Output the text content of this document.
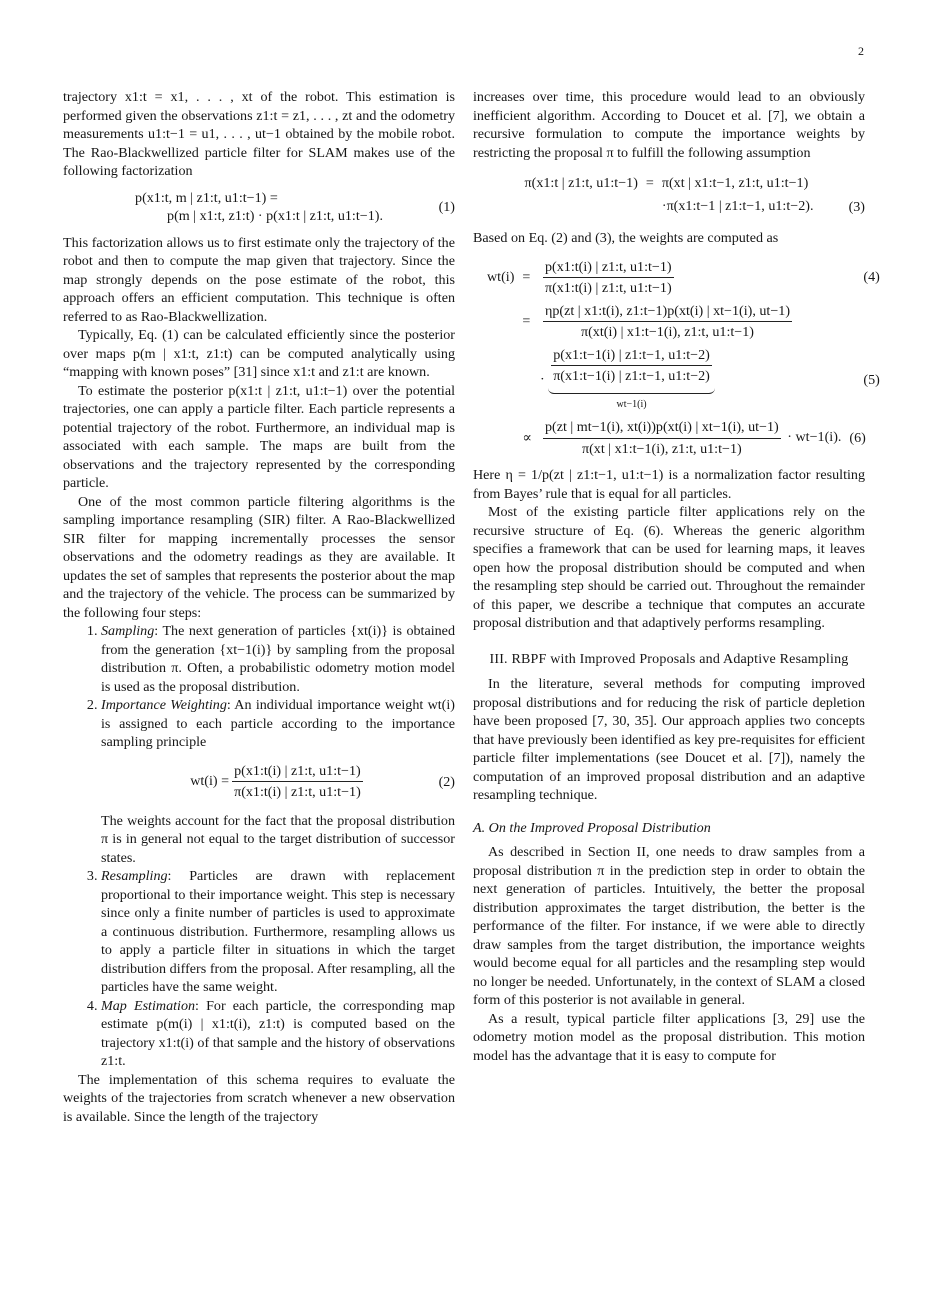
2

trajectory x1:t = x1, . . . , xt of the robot. This estimation is performed given the observations z1:t = z1, . . . , zt and the odometry measurements u1:t−1 = u1, . . . , ut−1 obtained by the mobile robot. The Rao-Blackwellized particle filter for SLAM makes use of the following factorization

p(x1:t, m | z1:t, u1:t−1) =
p(m | x1:t, z1:t) · p(x1:t | z1:t, u1:t−1).
(1)

This factorization allows us to first estimate only the trajectory of the robot and then to compute the map given that trajectory. Since the map strongly depends on the pose estimate of the robot, this approach offers an efficient computation. This technique is often referred to as Rao-Blackwellization.

Typically, Eq. (1) can be calculated efficiently since the posterior over maps p(m | x1:t, z1:t) can be computed analytically using “mapping with known poses” [31] since x1:t and z1:t are known.

To estimate the posterior p(x1:t | z1:t, u1:t−1) over the potential trajectories, one can apply a particle filter. Each particle represents a potential trajectory of the robot. Furthermore, an individual map is associated with each sample. The maps are built from the observations and the trajectory represented by the corresponding particle.

One of the most common particle filtering algorithms is the sampling importance resampling (SIR) filter. A Rao-Blackwellized SIR filter for mapping incrementally processes the sensor observations and the odometry readings as they are available. It updates the set of samples that represents the posterior about the map and the trajectory of the vehicle. The process can be summarized by the following four steps:

1. Sampling: The next generation of particles {xt(i)} is obtained from the generation {xt−1(i)} by sampling from the proposal distribution π. Often, a probabilistic odometry motion model is used as the proposal distribution.

2. Importance Weighting: An individual importance weight wt(i) is assigned to each particle according to the importance sampling principle

$wt(i) = \frac{p(x1:t(i) | z1:t, u1:t-1)}{\pi(x1:t(i) | z1:t, u1:t-1)}$	(2)

The weights account for the fact that the proposal distribution π is in general not equal to the target distribution of successor states.

3. Resampling: Particles are drawn with replacement proportional to their importance weight. This step is necessary since only a finite number of particles is used to approximate a continuous distribution. Furthermore, resampling allows us to apply a particle filter in situations in which the target distribution differs from the proposal. After resampling, all the particles have the same weight.

4. Map Estimation: For each particle, the corresponding map estimate p(m(i) | x1:t(i), z1:t) is computed based on the trajectory x1:t(i) of that sample and the history of observations z1:t.

The implementation of this schema requires to evaluate the weights of the trajectories from scratch whenever a new observation is available. Since the length of the trajectory

increases over time, this procedure would lead to an obviously inefficient algorithm. According to Doucet et al. [7], we obtain a recursive formulation to compute the importance weights by restricting the proposal π to fulfill the following assumption

π(x1:t | z1:t, u1:t−1)	=	π(xt | x1:t−1, z1:t, u1:t−1)
		·π(x1:t−1 | z1:t−1, u1:t−2). (3)

Based on Eq. (2) and (3), the weights are computed as

wt(i)	=	$\frac{p(x1:t(i) | z1:t, u1:t-1)}{\pi(x1:t(i) | z1:t, u1:t-1)}$	(4)
	=	$\frac{\eta p(zt | x1:t(i), z1:t-1)p(xt(i) | xt-1(i), ut-1)}{\pi(xt(i) | x1:t-1(i), z1:t, u1:t-1)}$

		· $\frac{p(x1:t-1(i) | z1:t-1, u1:t-2)}{\pi(x1:t-1(i) | z1:t-1, u1:t-2)}$
wt−1(i)	(5)
	∝	$\frac{p(zt | mt-1(i), xt(i))p(xt(i) | xt-1(i), ut-1)}{\pi(xt | x1:t-1(i), z1:t, u1:t-1)} \cdot wt-1(i)$.	(6)

Here η = 1/p(zt | z1:t−1, u1:t−1) is a normalization factor resulting from Bayes’ rule that is equal for all particles.

Most of the existing particle filter applications rely on the recursive structure of Eq. (6). Whereas the generic algorithm specifies a framework that can be used for learning maps, it leaves open how the proposal distribution should be computed and when the resampling step should be carried out. Throughout the remainder of this paper, we describe a technique that computes an accurate proposal distribution and that adaptively performs resampling.

III. RBPF with Improved Proposals and Adaptive Resampling

In the literature, several methods for computing improved proposal distributions and for reducing the risk of particle depletion have been proposed [7, 30, 35]. Our approach applies two concepts that have previously been identified as key pre-requisites for efficient particle filter implementations (see Doucet et al. [7]), namely the computation of an improved proposal distribution and an adaptive resampling technique.

A. On the Improved Proposal Distribution

As described in Section II, one needs to draw samples from a proposal distribution π in the prediction step in order to obtain the next generation of particles. Intuitively, the better the proposal distribution approximates the target distribution, the better is the performance of the filter. For instance, if we were able to directly draw samples from the target distribution, the importance weights would become equal for all particles and the resampling step would no longer be needed. Unfortunately, in the context of SLAM a closed form of this posterior is not available in general.

As a result, typical particle filter applications [3, 29] use the odometry motion model as the proposal distribution. This motion model has the advantage that it is easy to compute for
